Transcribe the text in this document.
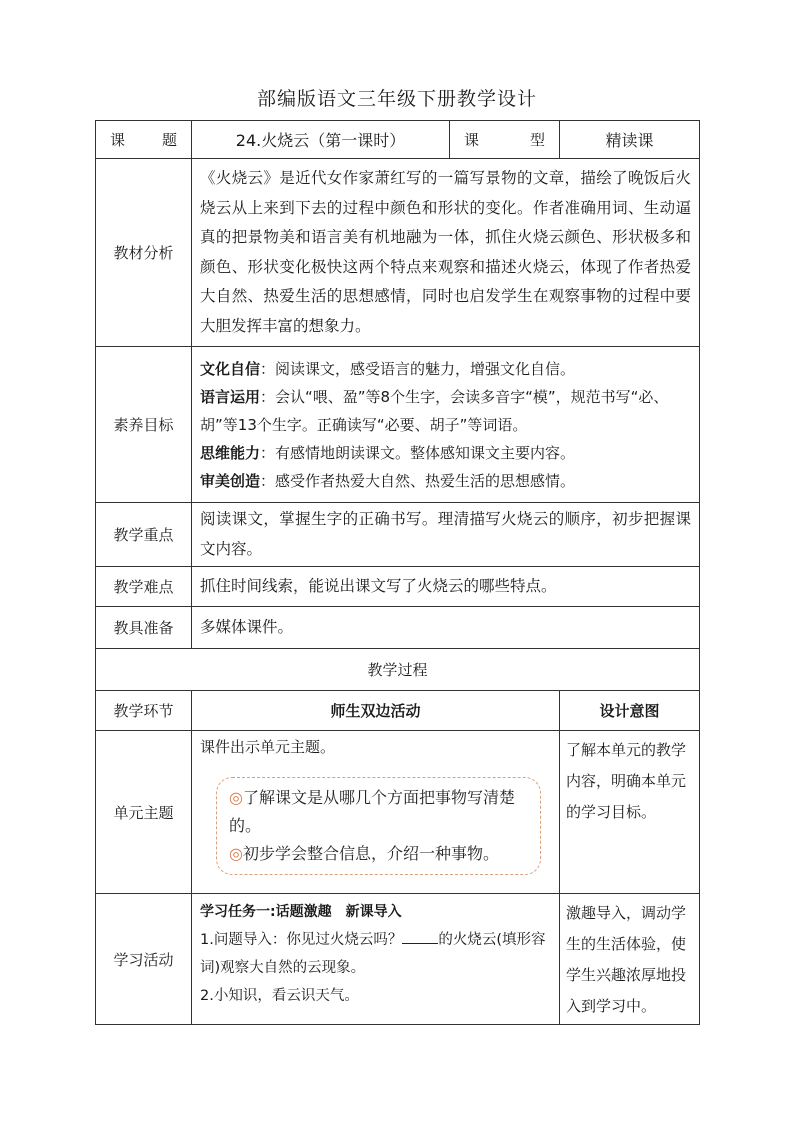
部编版语文三年级下册教学设计
课　　题	24.火烧云（第一课时）	课　　型	精读课
教材分析	《火烧云》是近代女作家萧红写的一篇写景物的文章，描绘了晚饭后火烧云从上来到下去的过程中颜色和形状的变化。作者准确用词、生动逼真的把景物美和语言美有机地融为一体，抓住火烧云颜色、形状极多和颜色、形状变化极快这两个特点来观察和描述火烧云，体现了作者热爱大自然、热爱生活的思想感情，同时也启发学生在观察事物的过程中要大胆发挥丰富的想象力。		
素养目标	文化自信：阅读课文，感受语言的魅力，增强文化自信。
语言运用：会认“喂、盈”等8个生字，会读多音字“模”，规范书写“必、胡”等13个生字。正确读写“必要、胡子”等词语。
思维能力：有感情地朗读课文。整体感知课文主要内容。
审美创造：感受作者热爱大自然、热爱生活的思想感情。		

教学重点	阅读课文，掌握生字的正确书写。理清描写火烧云的顺序，初步把握课文内容。		
教学难点	抓住时间线索，能说出课文写了火烧云的哪些特点。		
教具准备	多媒体课件。		
教学过程			
教学环节	师生双边活动		设计意图
单元主题	课件出示单元主题。
◎了解课文是从哪几个方面把事物写清楚的。
◎初步学会整合信息，介绍一种事物。		了解本单元的教学内容，明确本单元的学习目标。
学习活动	学习任务一:话题激趣　新课导入
1.问题导入：你见过火烧云吗？ 的火烧云(填形容词)观察大自然的云现象。
2.小知识，看云识天气。		激趣导入，调动学生的生活体验，使学生兴趣浓厚地投入到学习中。
